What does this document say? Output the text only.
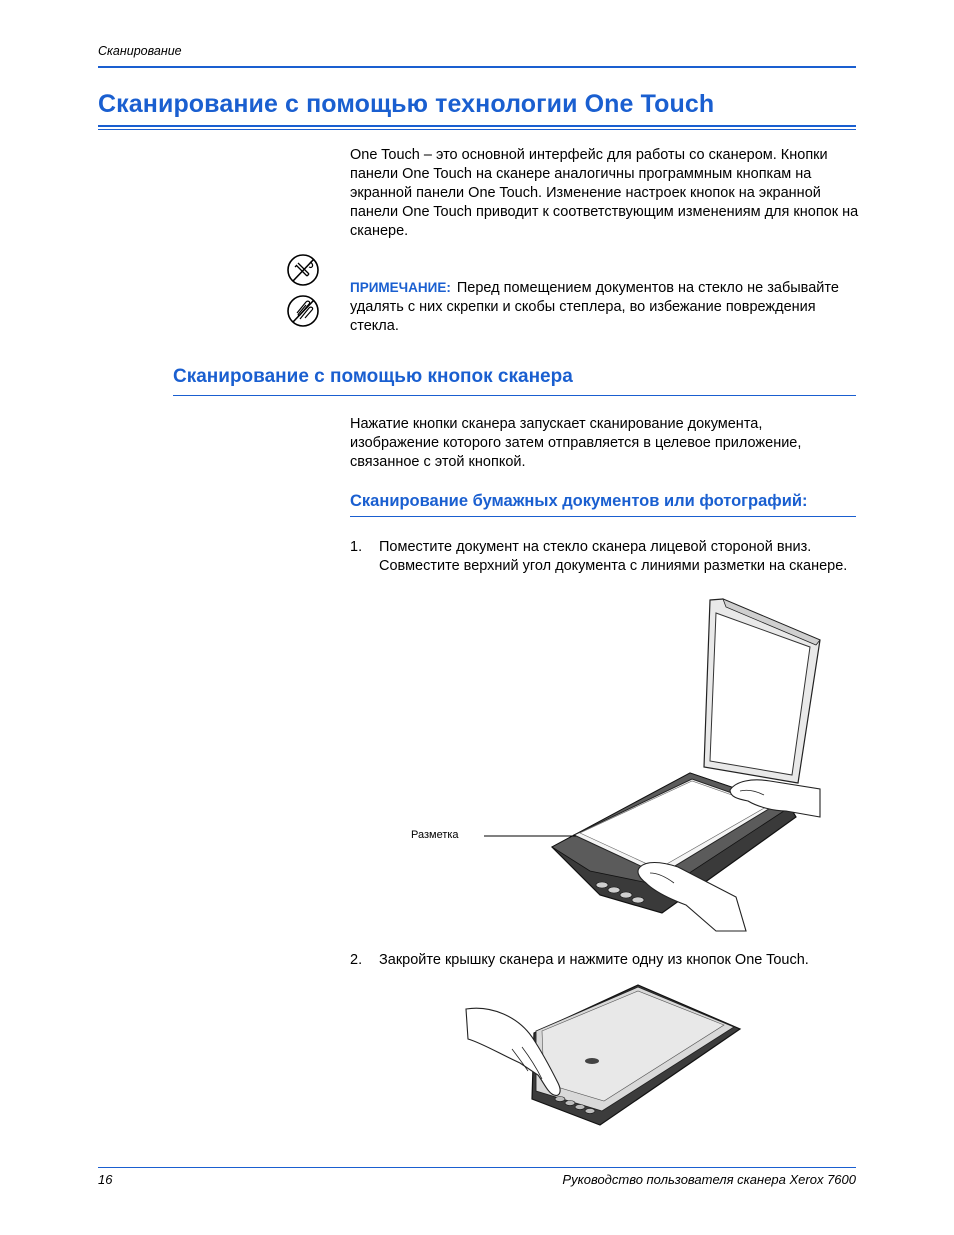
Сканирование
Сканирование с помощью технологии One Touch
One Touch – это основной интерфейс для работы со сканером. Кнопки панели One Touch на сканере аналогичны программным кнопкам на экранной панели One Touch. Изменение настроек кнопок на экранной панели One Touch приводит к соответствующим изменениям для кнопок на сканере.
ПРИМЕЧАНИЕ: Перед помещением документов на стекло не забывайте удалять с них скрепки и скобы степлера, во избежание повреждения стекла.
Сканирование с помощью кнопок сканера
Нажатие кнопки сканера запускает сканирование документа, изображение которого затем отправляется в целевое приложение, связанное с этой кнопкой.
Сканирование бумажных документов или фотографий:
1. Поместите документ на стекло сканера лицевой стороной вниз. Совместите верхний угол документа с линиями разметки на сканере.
Разметка
2. Закройте крышку сканера и нажмите одну из кнопок One Touch.
16	Руководство пользователя сканера Xerox 7600
